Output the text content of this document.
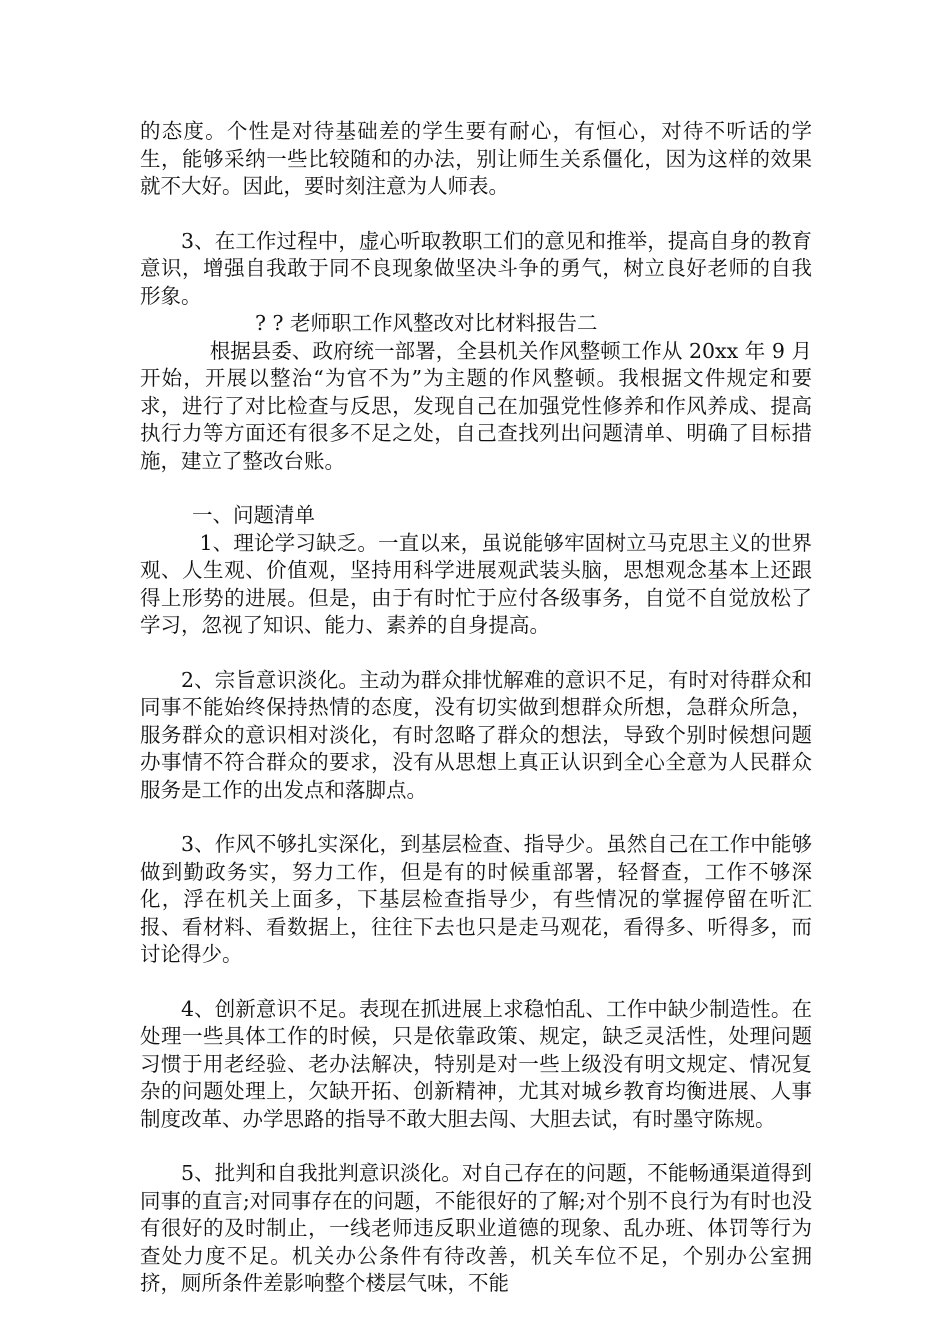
的态度。个性是对待基础差的学生要有耐心，有恒心，对待不听话的学生，能够采纳一些比较随和的办法，别让师生关系僵化，因为这样的效果就不大好。因此，要时刻注意为人师表。

3、在工作过程中，虚心听取教职工们的意见和推举，提高自身的教育意识，增强自我敢于同不良现象做坚决斗争的勇气，树立良好老师的自我形象。

? ? 老师职工作风整改对比材料报告二

根据县委、政府统一部署，全县机关作风整顿工作从 20xx 年 9 月开始，开展以整治“为官不为”为主题的作风整顿。我根据文件规定和要求，进行了对比检查与反思，发现自己在加强党性修养和作风养成、提高执行力等方面还有很多不足之处，自己查找列出问题清单、明确了目标措施，建立了整改台账。

一、问题清单

1、理论学习缺乏。一直以来，虽说能够牢固树立马克思主义的世界观、人生观、价值观，坚持用科学进展观武装头脑，思想观念基本上还跟得上形势的进展。但是，由于有时忙于应付各级事务，自觉不自觉放松了学习，忽视了知识、能力、素养的自身提高。

2、宗旨意识淡化。主动为群众排忧解难的意识不足，有时对待群众和同事不能始终保持热情的态度，没有切实做到想群众所想，急群众所急，服务群众的意识相对淡化，有时忽略了群众的想法，导致个别时候想问题办事情不符合群众的要求，没有从思想上真正认识到全心全意为人民群众服务是工作的出发点和落脚点。

3、作风不够扎实深化，到基层检查、指导少。虽然自己在工作中能够做到勤政务实，努力工作，但是有的时候重部署，轻督查，工作不够深化，浮在机关上面多，下基层检查指导少，有些情况的掌握停留在听汇报、看材料、看数据上，往往下去也只是走马观花，看得多、听得多，而讨论得少。

4、创新意识不足。表现在抓进展上求稳怕乱、工作中缺少制造性。在处理一些具体工作的时候，只是依靠政策、规定，缺乏灵活性，处理问题习惯于用老经验、老办法解决，特别是对一些上级没有明文规定、情况复杂的问题处理上，欠缺开拓、创新精神，尤其对城乡教育均衡进展、人事制度改革、办学思路的指导不敢大胆去闯、大胆去试，有时墨守陈规。

5、批判和自我批判意识淡化。对自己存在的问题，不能畅通渠道得到同事的直言;对同事存在的问题，不能很好的了解;对个别不良行为有时也没有很好的及时制止，一线老师违反职业道德的现象、乱办班、体罚等行为查处力度不足。机关办公条件有待改善，机关车位不足，个别办公室拥挤，厕所条件差影响整个楼层气味，不能
